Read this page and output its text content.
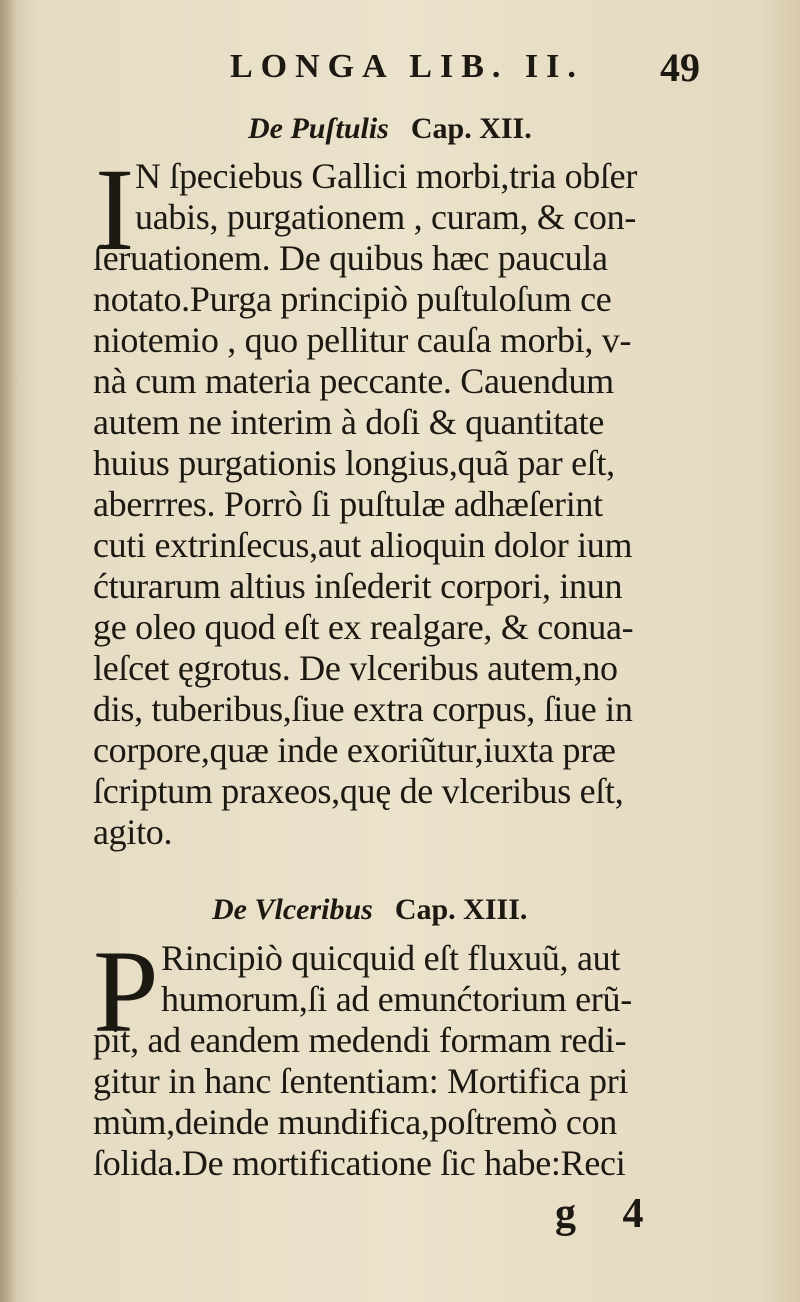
LONGA LIB. II. 49
De Puſtulis Cap. XII.
I N ſpeciebus Gallici morbi,tria obſer
uabis, purgationem , curam, & con-
ſeruationem. De quibus hæc paucula
notato.Purga principiò puſtuloſum ce
niotemio , quo pellitur cauſa morbi, v-
nà cum materia peccante. Cauendum
autem ne interim à doſi & quantitate
huius purgationis longius,quã par eſt,
aberrres. Porrò ſi puſtulæ adhæſerint
cuti extrinſecus,aut alioquin dolor ium
ćturarum altius inſederit corpori, inun
ge oleo quod eſt ex realgare, & conua-
leſcet ęgrotus. De vlceribus autem,no
dis, tuberibus,ſiue extra corpus, ſiue in
corpore,quæ inde exoriũtur,iuxta præ
ſcriptum praxeos,quę de vlceribus eſt,
agito.
De Vlceribus Cap. XIII.
P Rincipiò quicquid eſt fluxuũ, aut
humorum,ſi ad emunćtorium erũ-
pit, ad eandem medendi formam redi-
gitur in hanc ſententiam: Mortifica pri
mùm,deinde mundifica,poſtremò con
ſolida.De mortificatione ſic habe:Reci
g 4
